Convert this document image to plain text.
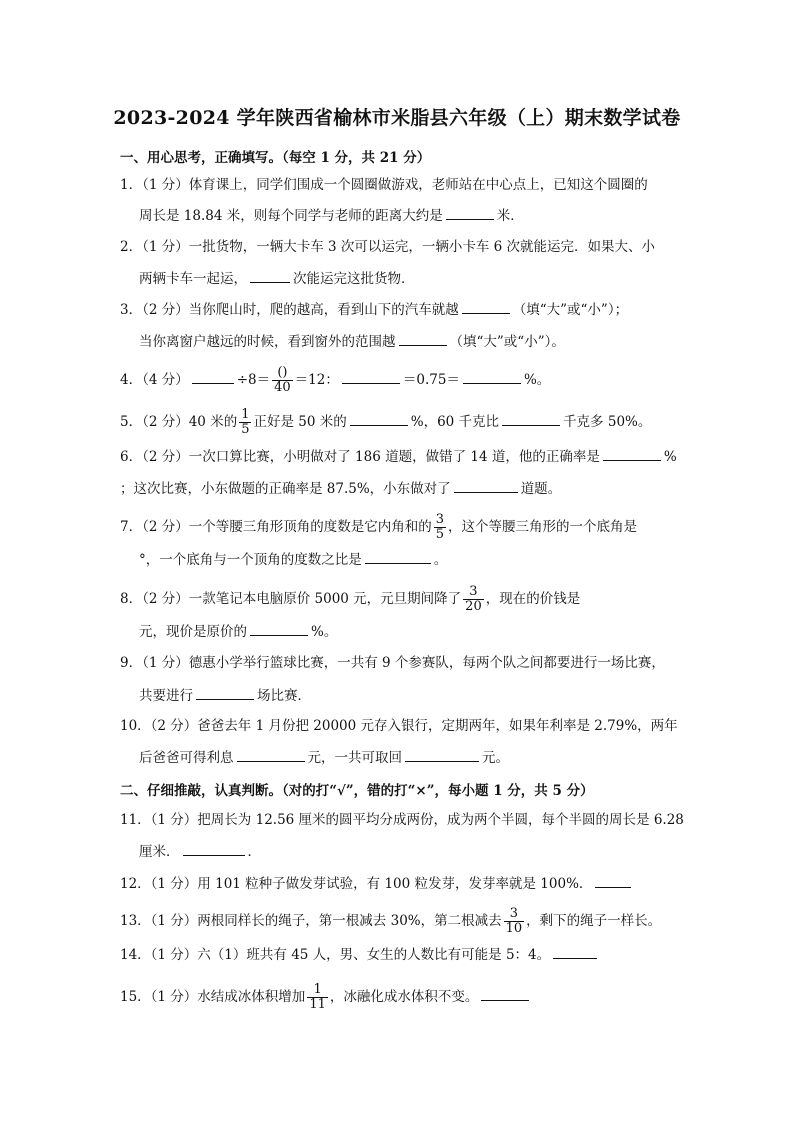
2023-2024 学年陕西省榆林市米脂县六年级（上）期末数学试卷
一、用心思考，正确填写。（每空 1 分，共 21 分）
1．（1 分）体育课上，同学们围成一个圆圈做游戏，老师站在中心点上，已知这个圆圈的
周长是 18.84 米，则每个同学与老师的距离大约是	米．
2．（1 分）一批货物，一辆大卡车 3 次可以运完，一辆小卡车 6 次就能运完．如果大、小
两辆卡车一起运，	次能运完这批货物．
3．（2 分）当你爬山时，爬的越高，看到山下的汽车就越	（填“大”或“小”）；
当你离窗户越远的时候，看到窗外的范围越	（填“大”或“小”）。
4．（4 分）	$\div 8= \frac{()}{40} =12$：	＝0.75＝	%。
5．（2 分）40 米的 $\frac{1}{5}$ 正好是 50 米的	%，60 千克比	千克多 50%。
6．（2 分）一次口算比赛，小明做对了 186 道题，做错了 14 道，他的正确率是	%
；这次比赛，小东做题的正确率是 87.5%，小东做对了	道题。
7．（2 分）一个等腰三角形顶角的度数是它内角和的 $\frac{3}{5}$ ，这个等腰三角形的一个底角是
°，一个底角与一个顶角的度数之比是	。
8．（2 分）一款笔记本电脑原价 5000 元，元旦期间降了 $\frac{3}{20}$ ，现在的价钱是
元，现价是原价的	%。
9．（1 分）德惠小学举行篮球比赛，一共有 9 个参赛队，每两个队之间都要进行一场比赛，
共要进行	场比赛．
10．（2 分）爸爸去年 1 月份把 20000 元存入银行，定期两年，如果年利率是 2.79%，两年
后爸爸可得利息	元，一共可取回	元。
二、仔细推敲，认真判断。（对的打“√”，错的打“×”，每小题 1 分，共 5 分）
11．（1 分）把周长为 12.56 厘米的圆平均分成两份，成为两个半圆，每个半圆的周长是 6.28
厘米．	．
12．（1 分）用 101 粒种子做发芽试验，有 100 粒发芽，发芽率就是 100%．
13．（1 分）两根同样长的绳子，第一根减去 30%，第二根减去 $\frac{3}{10}$ ，剩下的绳子一样长。
14．（1 分）六（1）班共有 45 人，男、女生的人数比有可能是 5：4。
15．（1 分）水结成冰体积增加 $\frac{1}{11}$ ，冰融化成水体积不变。
